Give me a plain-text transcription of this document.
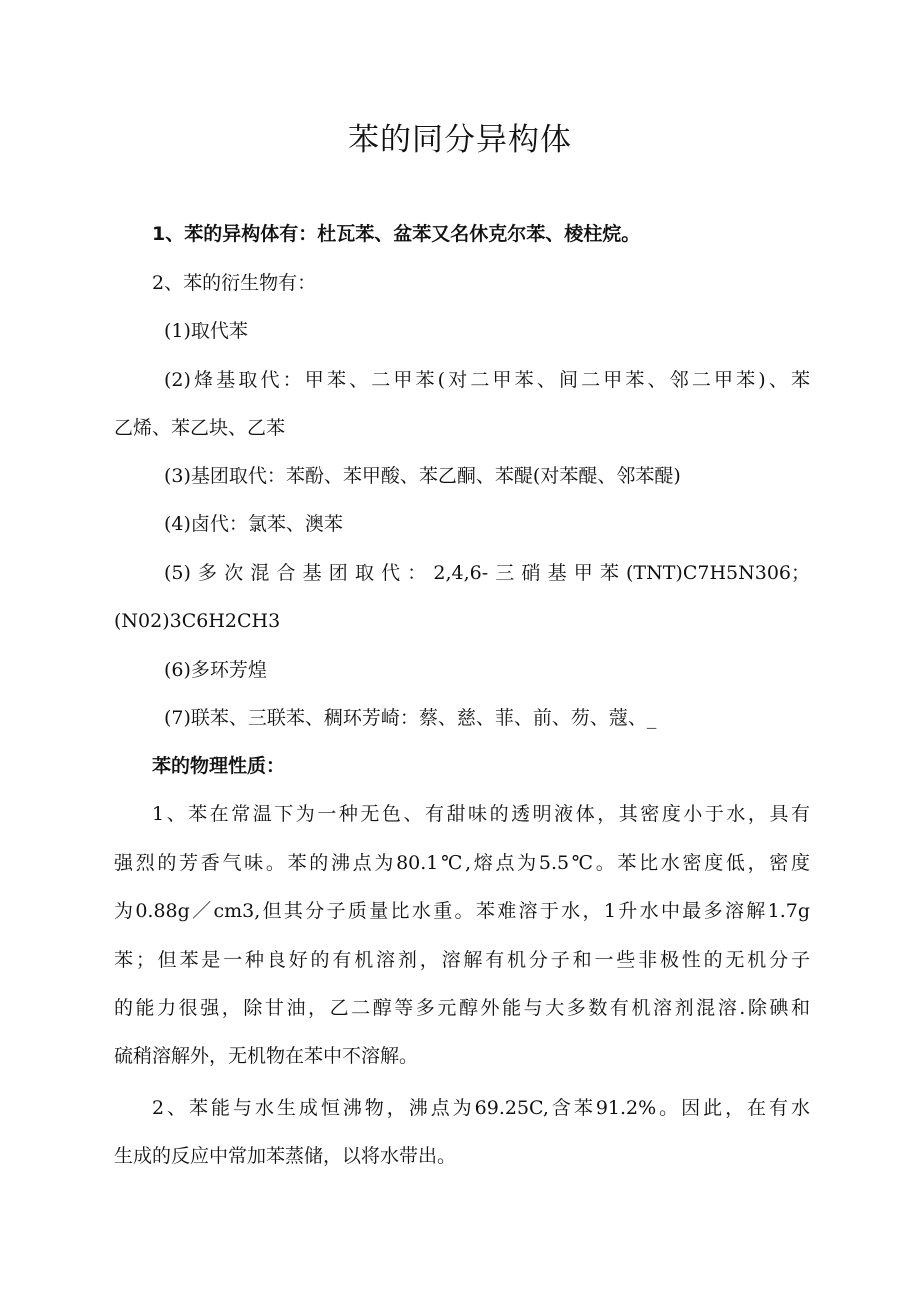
苯的同分异构体
1、苯的异构体有：杜瓦苯、盆苯又名休克尔苯、棱柱烷。
2、苯的衍生物有：
(1)取代苯
(2)烽基取代：甲苯、二甲苯(对二甲苯、间二甲苯、邻二甲苯)、苯
乙烯、苯乙块、乙苯
(3)基团取代：苯酚、苯甲酸、苯乙酮、苯醍(对苯醍、邻苯醍)
(4)卤代：氯苯、澳苯
(5)多次混合基团取代：2,4,6-三硝基甲苯(TNT)C7H5N306；
(N02)3C6H2CH3
(6)多环芳煌
(7)联苯、三联苯、稠环芳崎：蔡、慈、菲、前、芴、蔻、_
苯的物理性质：
1、苯在常温下为一种无色、有甜味的透明液体，其密度小于水，具有
强烈的芳香气味。苯的沸点为80.1℃,熔点为5.5℃。苯比水密度低，密度
为0.88g／cm3,但其分子质量比水重。苯难溶于水，1升水中最多溶解1.7g
苯；但苯是一种良好的有机溶剂，溶解有机分子和一些非极性的无机分子
的能力很强，除甘油，乙二醇等多元醇外能与大多数有机溶剂混溶.除碘和
硫稍溶解外，无机物在苯中不溶解。
2、苯能与水生成恒沸物，沸点为69.25C,含苯91.2%。因此，在有水
生成的反应中常加苯蒸储，以将水带出。
